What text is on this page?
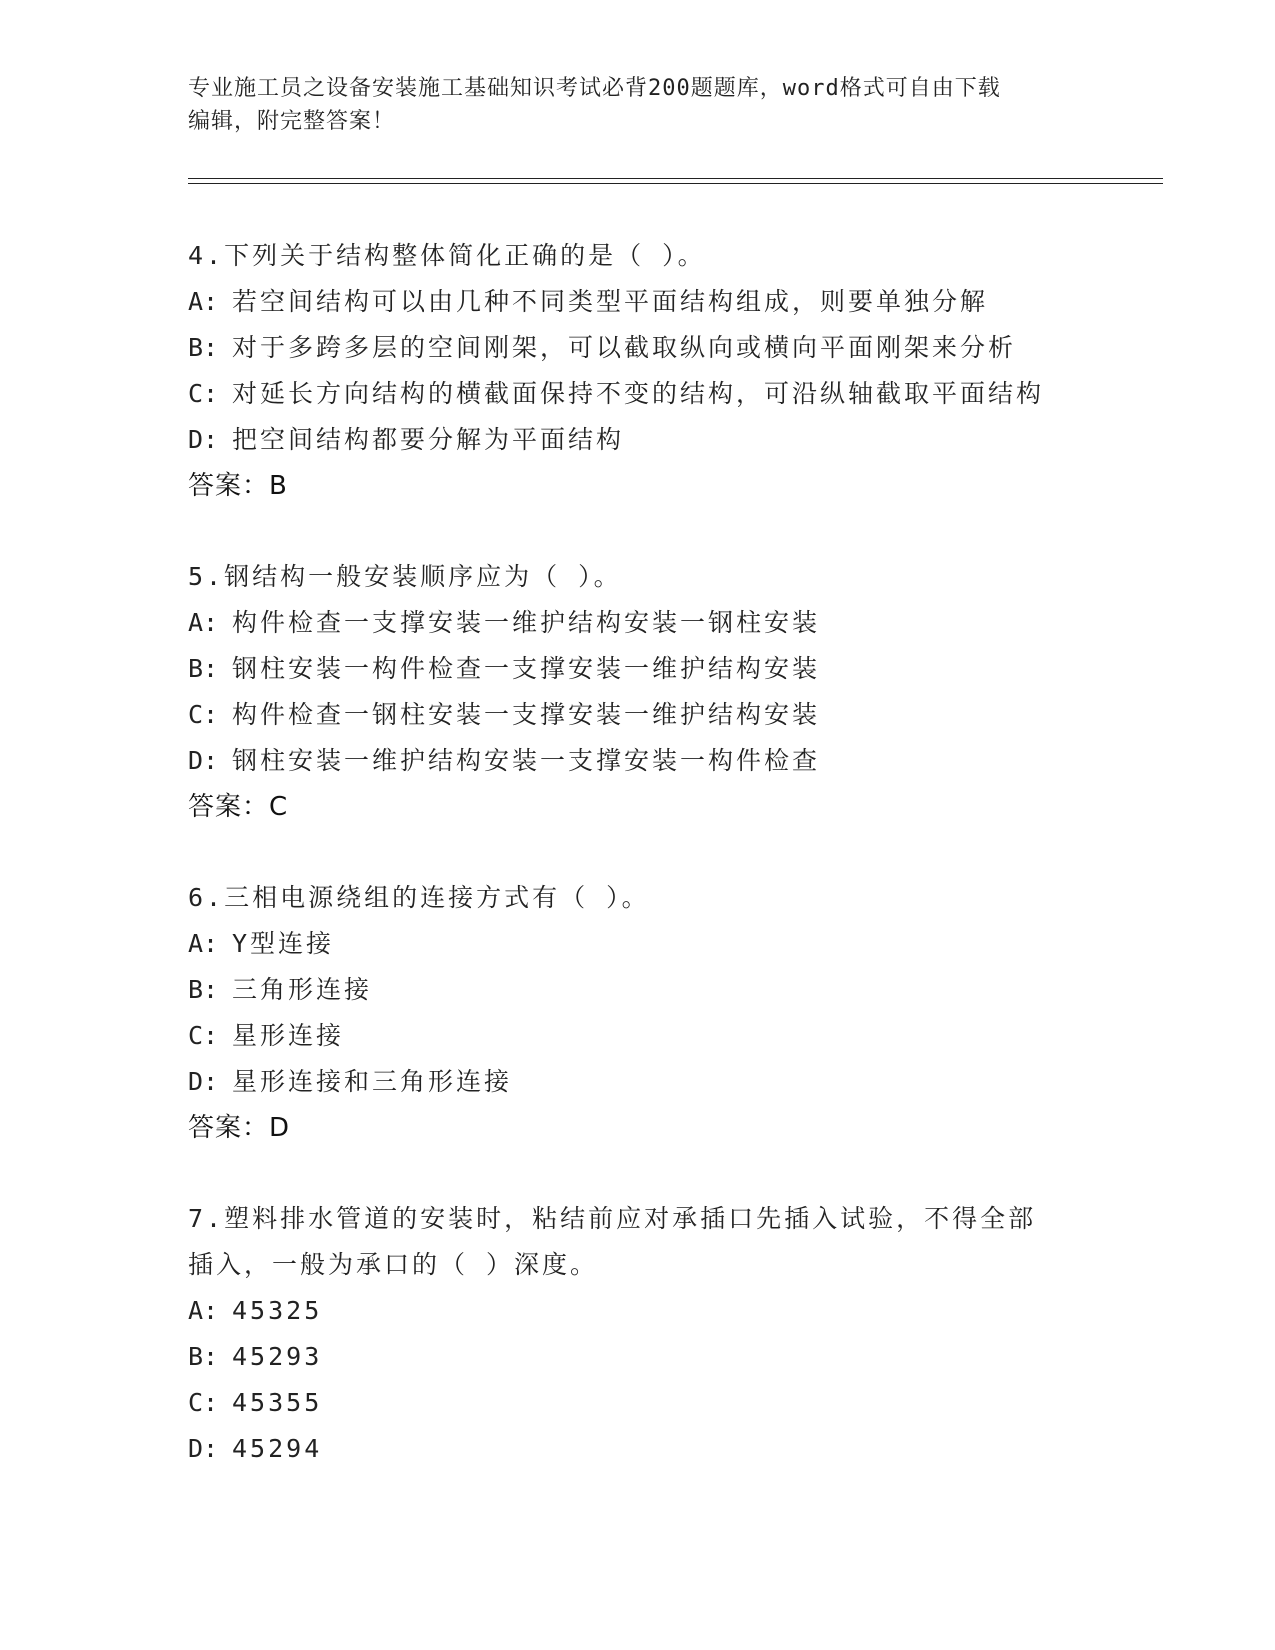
专业施工员之设备安装施工基础知识考试必背200题题库，word格式可自由下载
编辑，附完整答案！

4.下列关于结构整体简化正确的是（ ）。

A: 若空间结构可以由几种不同类型平面结构组成，则要单独分解

B: 对于多跨多层的空间刚架，可以截取纵向或横向平面刚架来分析

C: 对延长方向结构的横截面保持不变的结构，可沿纵轴截取平面结构

D: 把空间结构都要分解为平面结构

答案：B

5.钢结构一般安装顺序应为（ ）。

A: 构件检查一支撑安装一维护结构安装一钢柱安装

B: 钢柱安装一构件检查一支撑安装一维护结构安装

C: 构件检查一钢柱安装一支撑安装一维护结构安装

D: 钢柱安装一维护结构安装一支撑安装一构件检查

答案：C

6.三相电源绕组的连接方式有（ ）。

A: Y型连接

B: 三角形连接

C: 星形连接

D: 星形连接和三角形连接

答案：D

7.塑料排水管道的安装时，粘结前应对承插口先插入试验，不得全部

插入，一般为承口的（ ）深度。

A: 45325

B: 45293

C: 45355

D: 45294
